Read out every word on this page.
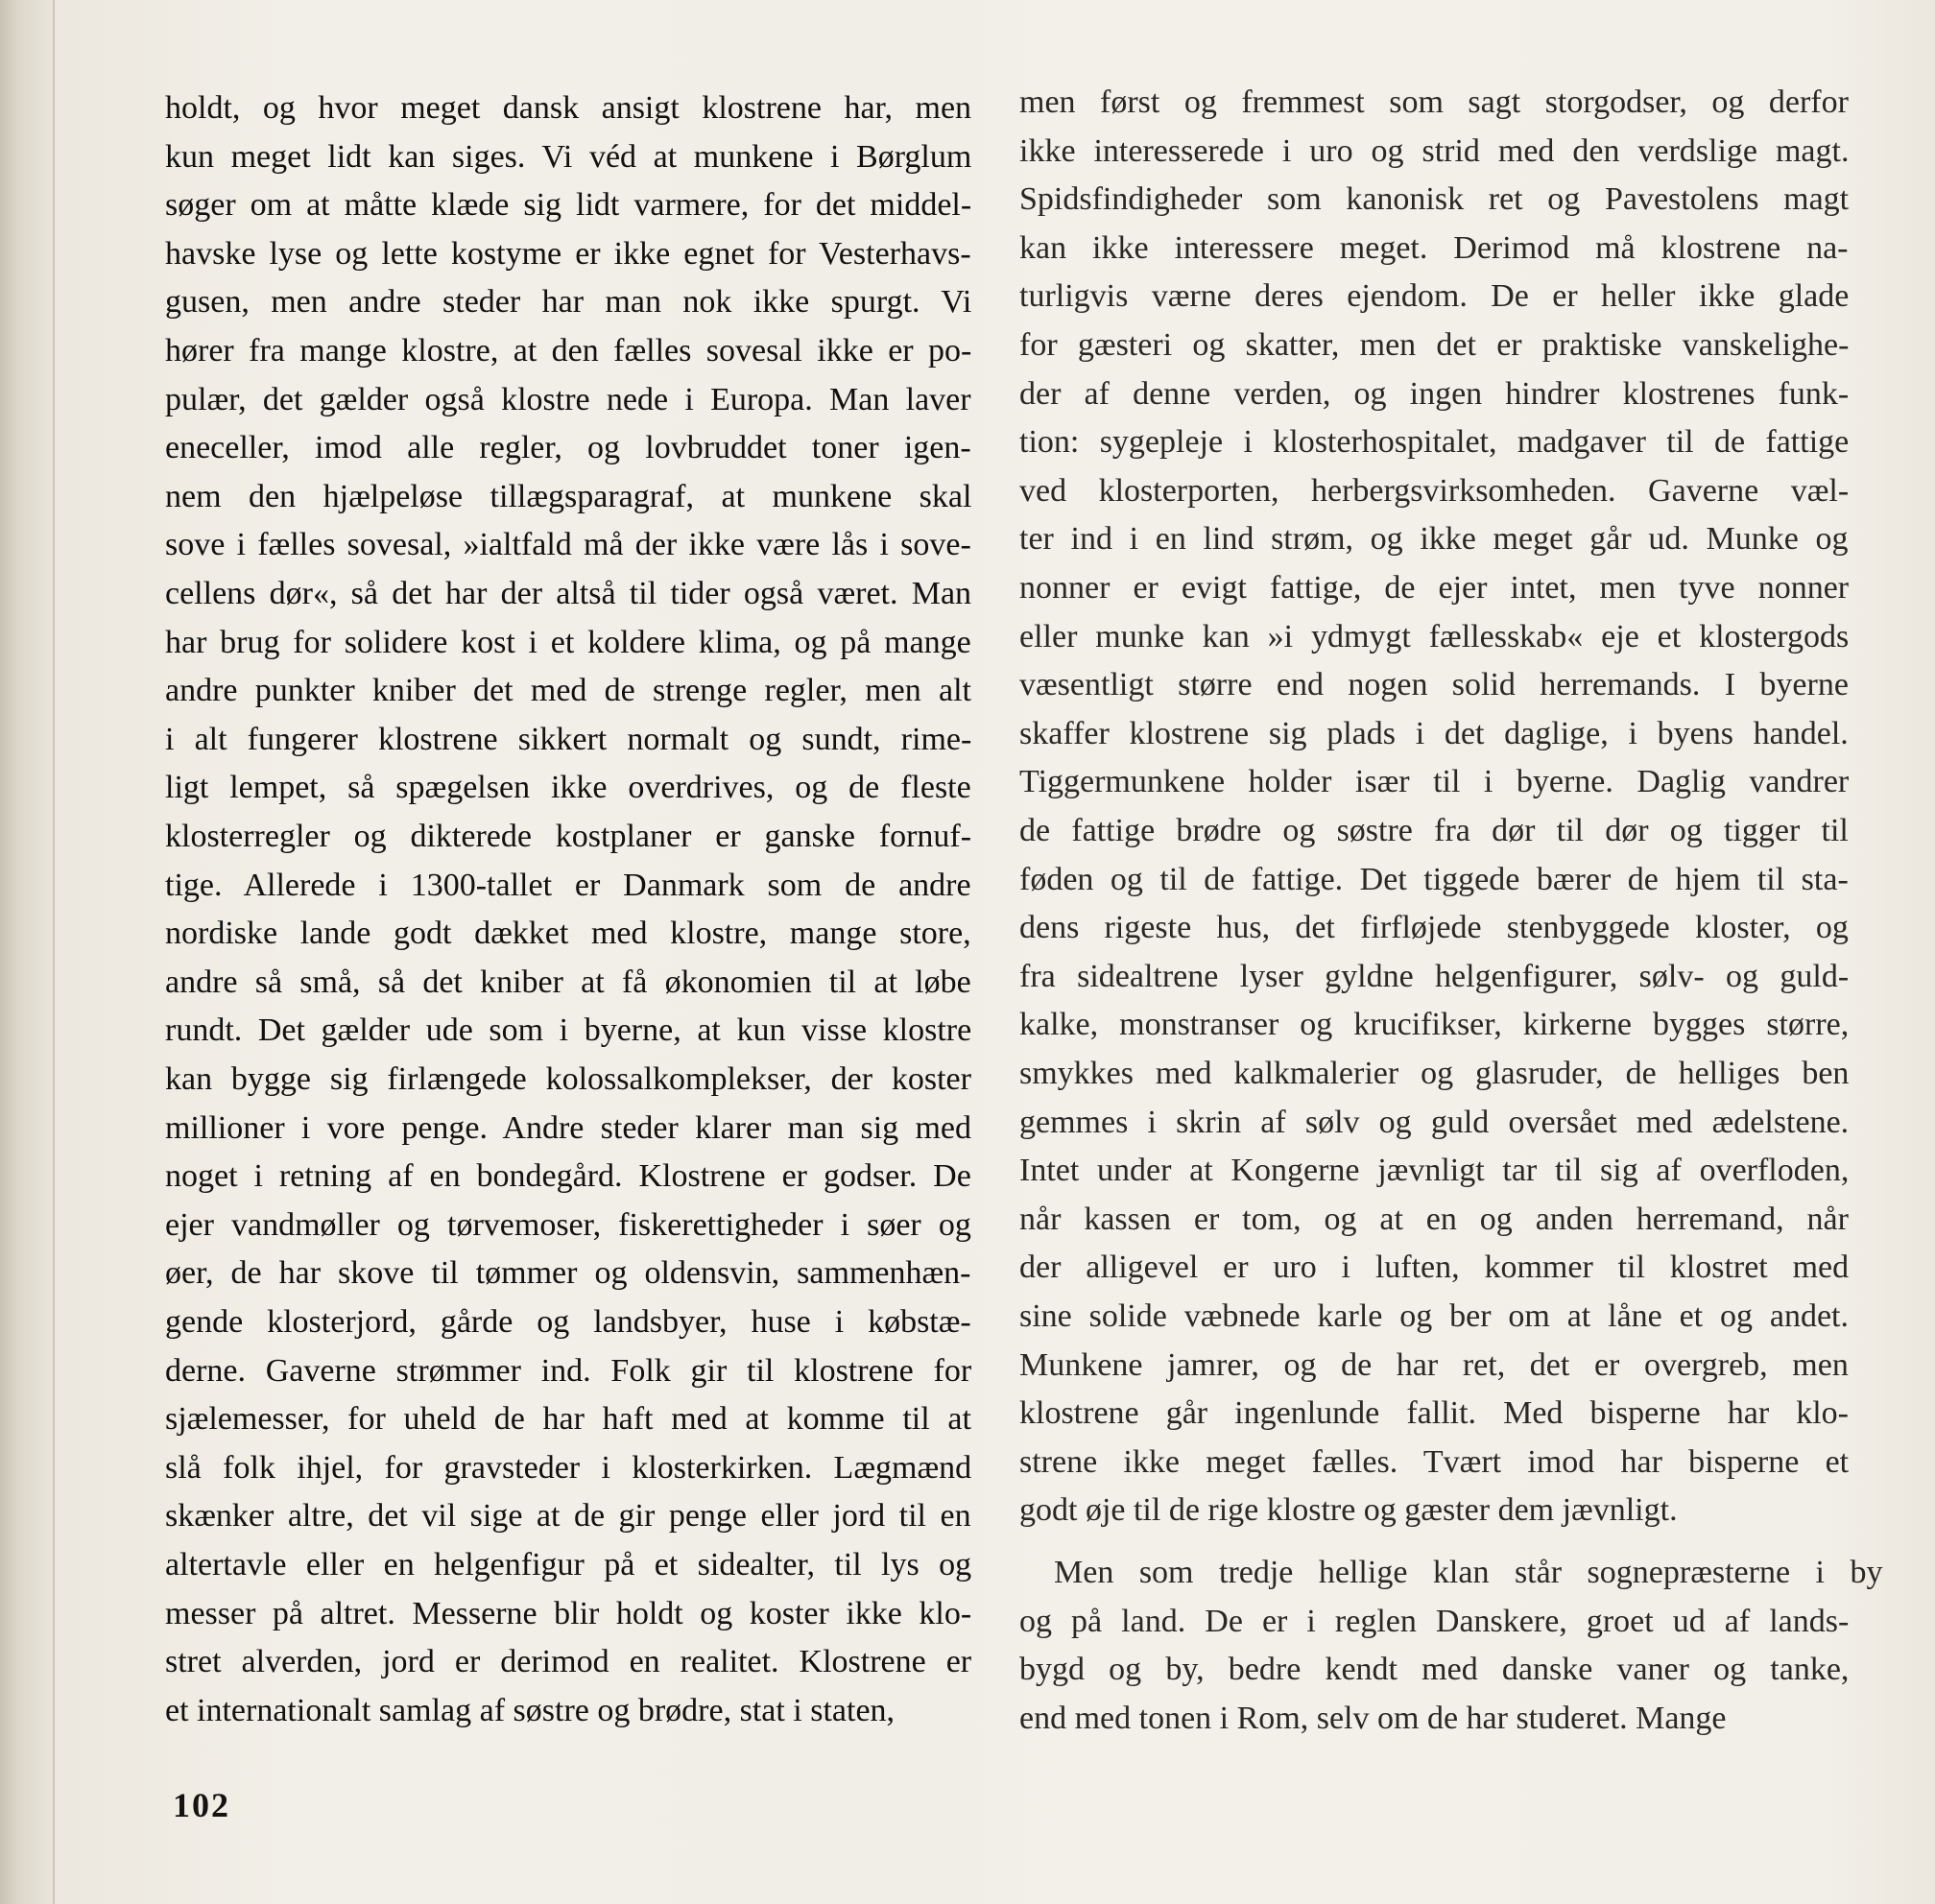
holdt, og hvor meget dansk ansigt klostrene har, men
kun meget lidt kan siges. Vi véd at munkene i Børglum
søger om at måtte klæde sig lidt varmere, for det middel-
havske lyse og lette kostyme er ikke egnet for Vesterhavs-
gusen, men andre steder har man nok ikke spurgt. Vi
hører fra mange klostre, at den fælles sovesal ikke er po-
pulær, det gælder også klostre nede i Europa. Man laver
eneceller, imod alle regler, og lovbruddet toner igen-
nem den hjælpeløse tillægsparagraf, at munkene skal
sove i fælles sovesal, »ialtfald må der ikke være lås i sove-
cellens dør«, så det har der altså til tider også været. Man
har brug for solidere kost i et koldere klima, og på mange
andre punkter kniber det med de strenge regler, men alt
i alt fungerer klostrene sikkert normalt og sundt, rime-
ligt lempet, så spægelsen ikke overdrives, og de fleste
klosterregler og dikterede kostplaner er ganske fornuf-
tige. Allerede i 1300-tallet er Danmark som de andre
nordiske lande godt dækket med klostre, mange store,
andre så små, så det kniber at få økonomien til at løbe
rundt. Det gælder ude som i byerne, at kun visse klostre
kan bygge sig firlængede kolossalkomplekser, der koster
millioner i vore penge. Andre steder klarer man sig med
noget i retning af en bondegård. Klostrene er godser. De
ejer vandmøller og tørvemoser, fiskerettigheder i søer og
øer, de har skove til tømmer og oldensvin, sammenhæn-
gende klosterjord, gårde og landsbyer, huse i købstæ-
derne. Gaverne strømmer ind. Folk gir til klostrene for
sjælemesser, for uheld de har haft med at komme til at
slå folk ihjel, for gravsteder i klosterkirken. Lægmænd
skænker altre, det vil sige at de gir penge eller jord til en
altertavle eller en helgenfigur på et sidealter, til lys og
messer på altret. Messerne blir holdt og koster ikke klo-
stret alverden, jord er derimod en realitet. Klostrene er
et internationalt samlag af søstre og brødre, stat i staten,
men først og fremmest som sagt storgodser, og derfor
ikke interesserede i uro og strid med den verdslige magt.
Spidsfindigheder som kanonisk ret og Pavestolens magt
kan ikke interessere meget. Derimod må klostrene na-
turligvis værne deres ejendom. De er heller ikke glade
for gæsteri og skatter, men det er praktiske vanskelighe-
der af denne verden, og ingen hindrer klostrenes funk-
tion: sygepleje i klosterhospitalet, madgaver til de fattige
ved klosterporten, herbergsvirksomheden. Gaverne væl-
ter ind i en lind strøm, og ikke meget går ud. Munke og
nonner er evigt fattige, de ejer intet, men tyve nonner
eller munke kan »i ydmygt fællesskab« eje et klostergods
væsentligt større end nogen solid herremands. I byerne
skaffer klostrene sig plads i det daglige, i byens handel.
Tiggermunkene holder især til i byerne. Daglig vandrer
de fattige brødre og søstre fra dør til dør og tigger til
føden og til de fattige. Det tiggede bærer de hjem til sta-
dens rigeste hus, det firfløjede stenbyggede kloster, og
fra sidealtrene lyser gyldne helgenfigurer, sølv- og guld-
kalke, monstranser og krucifikser, kirkerne bygges større,
smykkes med kalkmalerier og glasruder, de helliges ben
gemmes i skrin af sølv og guld oversået med ædelstene.
Intet under at Kongerne jævnligt tar til sig af overfloden,
når kassen er tom, og at en og anden herremand, når
der alligevel er uro i luften, kommer til klostret med
sine solide væbnede karle og ber om at låne et og andet.
Munkene jamrer, og de har ret, det er overgreb, men
klostrene går ingenlunde fallit. Med bisperne har klo-
strene ikke meget fælles. Tvært imod har bisperne et
godt øje til de rige klostre og gæster dem jævnligt.
Men som tredje hellige klan står sognepræsterne i by
og på land. De er i reglen Danskere, groet ud af lands-
bygd og by, bedre kendt med danske vaner og tanke,
end med tonen i Rom, selv om de har studeret. Mange
102
